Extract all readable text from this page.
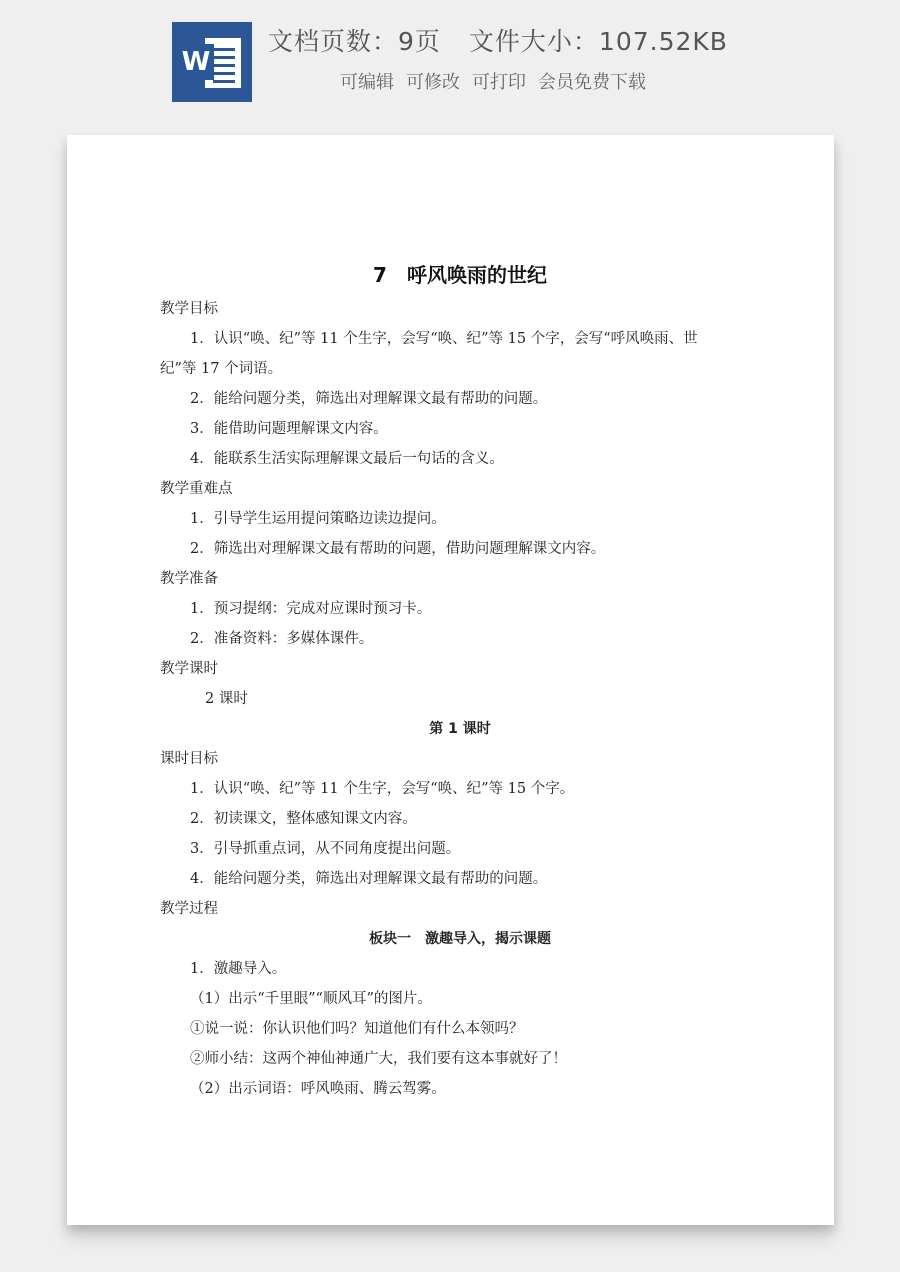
W
文档页数：9页 文件大小：107.52KB
可编辑 可修改 可打印 会员免费下载
7　呼风唤雨的世纪
教学目标
1．认识“唤、纪”等 11 个生字，会写“唤、纪”等 15 个字，会写“呼风唤雨、世
纪”等 17 个词语。
2．能给问题分类，筛选出对理解课文最有帮助的问题。
3．能借助问题理解课文内容。
4．能联系生活实际理解课文最后一句话的含义。
教学重难点
1．引导学生运用提问策略边读边提问。
2．筛选出对理解课文最有帮助的问题，借助问题理解课文内容。
教学准备
1．预习提纲：完成对应课时预习卡。
2．准备资料：多媒体课件。
教学课时
2 课时
第 1 课时
课时目标
1．认识“唤、纪”等 11 个生字，会写“唤、纪”等 15 个字。
2．初读课文，整体感知课文内容。
3．引导抓重点词，从不同角度提出问题。
4．能给问题分类，筛选出对理解课文最有帮助的问题。
教学过程
板块一　激趣导入，揭示课题
1．激趣导入。
（1）出示“千里眼”“顺风耳”的图片。
①说一说：你认识他们吗？知道他们有什么本领吗？
②师小结：这两个神仙神通广大，我们要有这本事就好了！
（2）出示词语：呼风唤雨、腾云驾雾。
